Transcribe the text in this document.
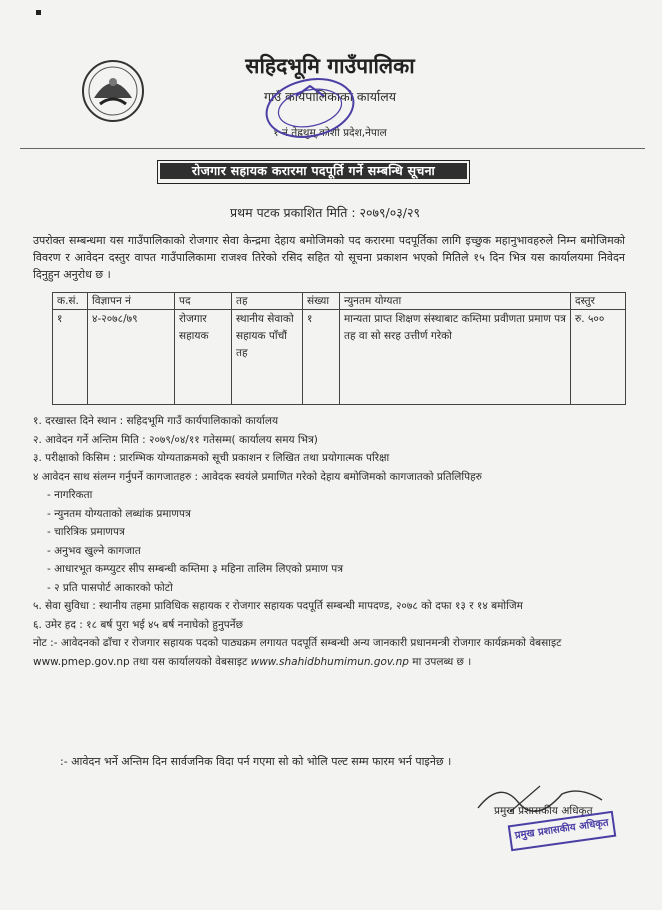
सहिदभूमि गाउँपालिका
गाउँ कार्यपालिकाको कार्यालय
१ नं तेह्रथुम्,कोशी प्रदेश,नेपाल
रोजगार सहायक करारमा पदपूर्ति गर्ने सम्बन्धि सूचना
प्रथम पटक प्रकाशित मिति : २०७९/०३/२९
उपरोक्त सम्बन्धमा यस गाउँपालिकाको रोजगार सेवा केन्द्रमा देहाय बमोजिमको पद करारमा पदपूर्तिका लागि इच्छुक महानुभावहरुले निम्न बमोजिमको विवरण र आवेदन दस्तुर वापत गाउँपालिकामा राजश्व तिरेको रसिद सहित यो सूचना प्रकाशन भएको मितिले १५ दिन भित्र यस कार्यालयमा निवेदन दिनुहुन अनुरोध छ ।
क.सं.	विज्ञापन नं	पद	तह	संख्या	न्युनतम योग्यता	दस्तुर
१	४-२०७८/७९	रोजगार सहायक	स्थानीय सेवाको सहायक पाँचौं तह	१	मान्यता प्राप्त शिक्षण संस्थाबाट कम्तिमा प्रवीणता प्रमाण पत्र तह वा सो सरह उत्तीर्ण गरेको	रु. ५००
१. दरखास्त दिने स्थान : सहिदभूमि गाउँ कार्यपालिकाको कार्यालय
२. आवेदन गर्ने अन्तिम मिति : २०७९/०४/११ गतेसम्म( कार्यालय समय भित्र)
३. परीक्षाको किसिम : प्रारम्भिक योग्यताक्रमको सूची प्रकाशन र लिखित तथा प्रयोगात्मक परिक्षा
४ आवेदन साथ संलग्न गर्नुपर्ने कागजातहरु : आवेदक स्वयंले प्रमाणित गरेको देहाय बमोजिमको कागजातको प्रतिलिपिहरु
- नागरिकता
- न्युनतम योग्यताको लब्धांक प्रमाणपत्र
- चारित्रिक प्रमाणपत्र
- अनुभव खुल्ने कागजात
- आधारभूत कम्प्युटर सीप सम्बन्धी कम्तिमा ३ महिना तालिम लिएको प्रमाण पत्र
- २ प्रति पासपोर्ट आकारको फोटो
५. सेवा सुविधा : स्थानीय तहमा प्राविधिक सहायक र रोजगार सहायक पदपूर्ति सम्बन्धी मापदण्ड, २०७८ को दफा १३ र १४ बमोजिम
६. उमेर हद : १८ बर्ष पुरा भई ४५ बर्ष ननाघेको हुनुपर्नेछ
नोट :- आवेदनको ढाँचा र रोजगार सहायक पदको पाठ्यक्रम लगायत पदपूर्ति सम्बन्धी अन्य जानकारी प्रधानमन्त्री रोजगार कार्यक्रमको वेबसाइट www.pmep.gov.np तथा यस कार्यालयको वेबसाइट www.shahidbhumimun.gov.np मा उपलब्ध छ ।
:- आवेदन भर्ने अन्तिम दिन सार्वजनिक विदा पर्न गएमा सो को भोलि पल्ट सम्म फारम भर्न पाइनेछ ।
प्रमुख प्रशासकीय अधिकृत
प्रमुख प्रशासकीय अधिकृत
